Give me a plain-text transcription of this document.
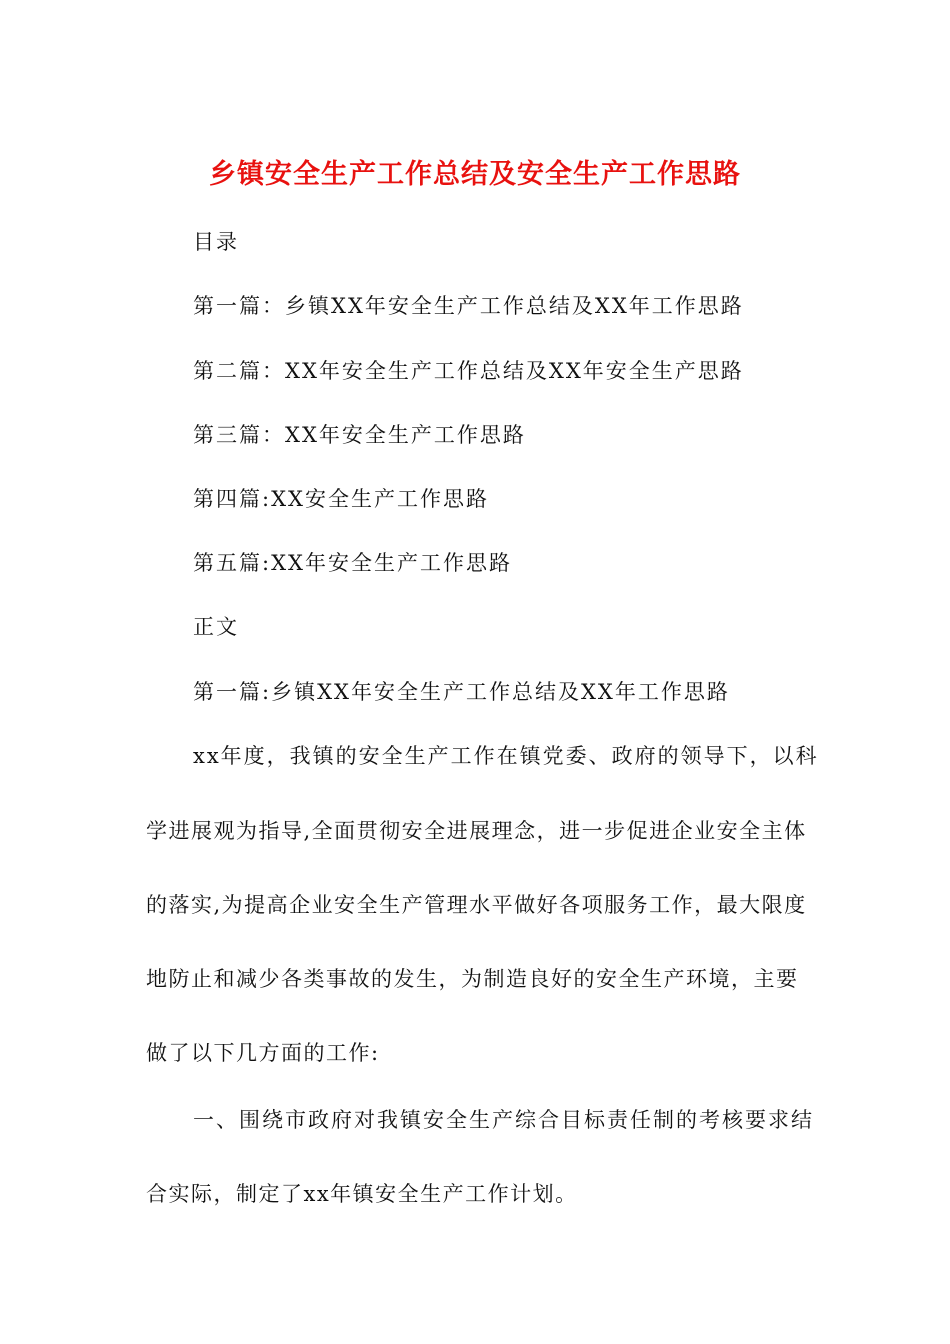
乡镇安全生产工作总结及安全生产工作思路
目录
第一篇：乡镇XX年安全生产工作总结及XX年工作思路
第二篇：XX年安全生产工作总结及XX年安全生产思路
第三篇：XX年安全生产工作思路
第四篇:XX安全生产工作思路
第五篇:XX年安全生产工作思路
正文
第一篇:乡镇XX年安全生产工作总结及XX年工作思路
xx年度，我镇的安全生产工作在镇党委、政府的领导下，以科
学进展观为指导,全面贯彻安全进展理念，进一步促进企业安全主体
的落实,为提高企业安全生产管理水平做好各项服务工作，最大限度
地防止和减少各类事故的发生，为制造良好的安全生产环境，主要
做了以下几方面的工作:
一、围绕市政府对我镇安全生产综合目标责任制的考核要求结
合实际，制定了xx年镇安全生产工作计划。
